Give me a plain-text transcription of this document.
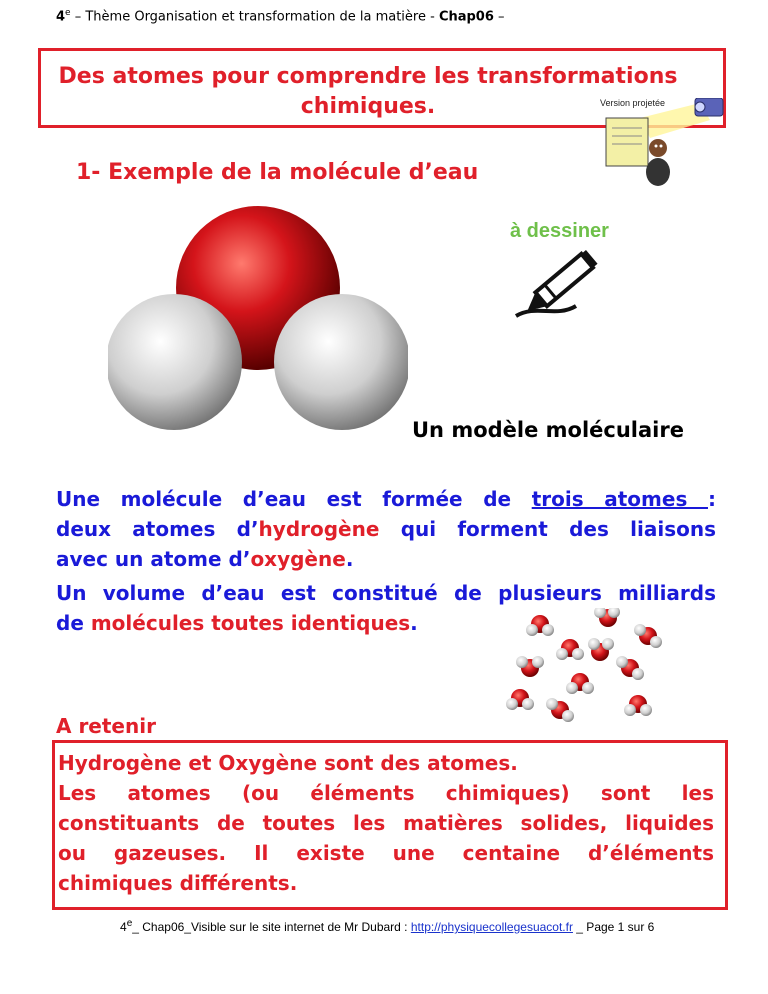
4e – Thème Organisation et transformation de la matière - Chap06 –
Des atomes pour comprendre les transformations
chimiques.	Version projetée
1- Exemple de la molécule d’eau
à dessiner
Un modèle moléculaire
Une molécule d’eau est formée de trois atomes :
deux atomes d’hydrogène qui forment des liaisons
avec un atome d’oxygène.
Un volume d’eau est constitué de plusieurs milliards
de molécules toutes identiques.
A retenir
Hydrogène et Oxygène sont des atomes.
Les atomes (ou éléments chimiques) sont les
constituants de toutes les matières solides, liquides
ou gazeuses. Il existe une centaine d’éléments
chimiques différents.
4e_ Chap06_Visible sur le site internet de Mr Dubard : http://physiquecollegesuacot.fr _ Page 1 sur 6
